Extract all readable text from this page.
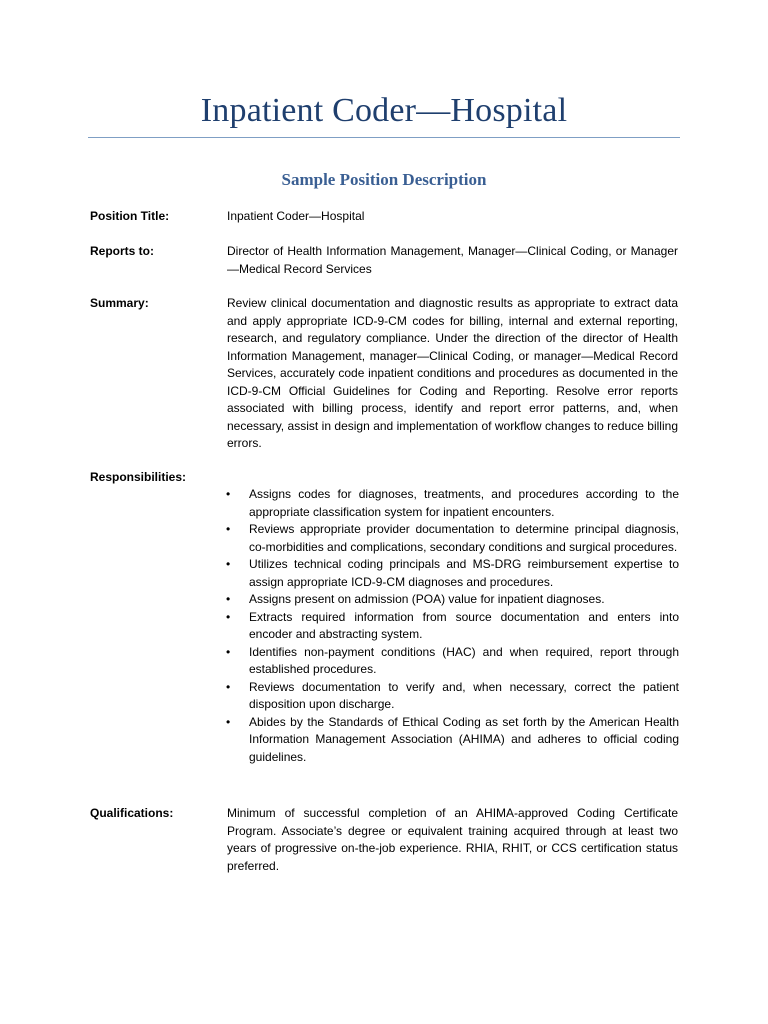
Inpatient Coder—Hospital
Sample Position Description
Position Title:	Inpatient Coder—Hospital
Reports to:	Director of Health Information Management, Manager—Clinical Coding, or Manager—Medical Record Services
Summary:	Review clinical documentation and diagnostic results as appropriate to extract data and apply appropriate ICD-9-CM codes for billing, internal and external reporting, research, and regulatory compliance. Under the direction of the director of Health Information Management, manager—Clinical Coding, or manager—Medical Record Services, accurately code inpatient conditions and procedures as documented in the ICD-9-CM Official Guidelines for Coding and Reporting. Resolve error reports associated with billing process, identify and report error patterns, and, when necessary, assist in design and implementation of workflow changes to reduce billing errors.
Responsibilities:
•	Assigns codes for diagnoses, treatments, and procedures according to the appropriate classification system for inpatient encounters.
•	Reviews appropriate provider documentation to determine principal diagnosis, co-morbidities and complications, secondary conditions and surgical procedures.
•	Utilizes technical coding principals and MS-DRG reimbursement expertise to assign appropriate ICD-9-CM diagnoses and procedures.
•	Assigns present on admission (POA) value for inpatient diagnoses.
•	Extracts required information from source documentation and enters into encoder and abstracting system.
•	Identifies non-payment conditions (HAC) and when required, report through established procedures.
•	Reviews documentation to verify and, when necessary, correct the patient disposition upon discharge.
•	Abides by the Standards of Ethical Coding as set forth by the American Health Information Management Association (AHIMA) and adheres to official coding guidelines.
Qualifications:	Minimum of successful completion of an AHIMA-approved Coding Certificate Program. Associate’s degree or equivalent training acquired through at least two years of progressive on-the-job experience. RHIA, RHIT, or CCS certification status preferred.
